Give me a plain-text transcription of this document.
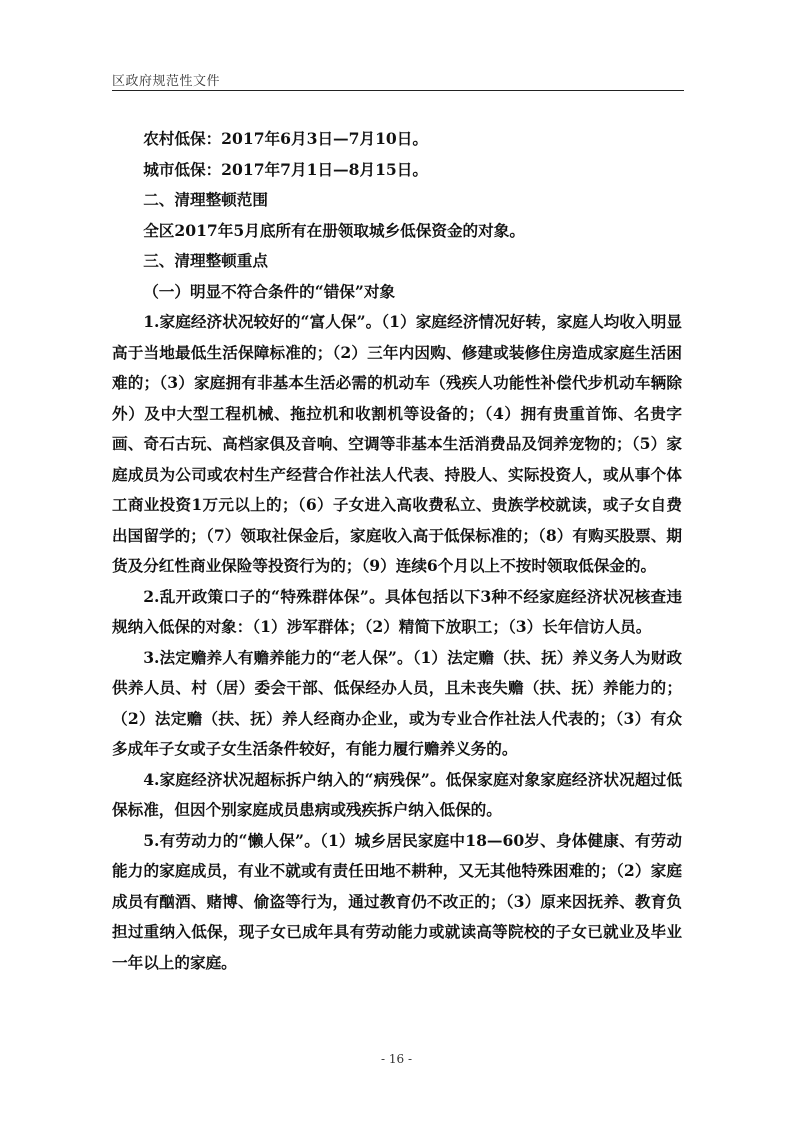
区政府规范性文件

农村低保：2017年6月3日—7月10日。

城市低保：2017年7月1日—8月15日。

二、清理整顿范围

全区2017年5月底所有在册领取城乡低保资金的对象。

三、清理整顿重点

（一）明显不符合条件的“错保”对象

1.家庭经济状况较好的“富人保”。（1）家庭经济情况好转，家庭人均收入明显高于当地最低生活保障标准的；（2）三年内因购、修建或装修住房造成家庭生活困难的；（3）家庭拥有非基本生活必需的机动车（残疾人功能性补偿代步机动车辆除外）及中大型工程机械、拖拉机和收割机等设备的；（4）拥有贵重首饰、名贵字画、奇石古玩、高档家俱及音响、空调等非基本生活消费品及饲养宠物的；（5）家庭成员为公司或农村生产经营合作社法人代表、持股人、实际投资人，或从事个体工商业投资1万元以上的；（6）子女进入高收费私立、贵族学校就读，或子女自费出国留学的；（7）领取社保金后，家庭收入高于低保标准的；（8）有购买股票、期货及分红性商业保险等投资行为的；（9）连续6个月以上不按时领取低保金的。

2.乱开政策口子的“特殊群体保”。具体包括以下3种不经家庭经济状况核查违规纳入低保的对象：（1）涉军群体；（2）精简下放职工；（3）长年信访人员。

3.法定赡养人有赡养能力的“老人保”。（1）法定赡（扶、抚）养义务人为财政供养人员、村（居）委会干部、低保经办人员，且未丧失赡（扶、抚）养能力的；（2）法定赡（扶、抚）养人经商办企业，或为专业合作社法人代表的；（3）有众多成年子女或子女生活条件较好，有能力履行赡养义务的。

4.家庭经济状况超标拆户纳入的“病残保”。低保家庭对象家庭经济状况超过低保标准，但因个别家庭成员患病或残疾拆户纳入低保的。

5.有劳动力的“懒人保”。（1）城乡居民家庭中18—60岁、身体健康、有劳动能力的家庭成员，有业不就或有责任田地不耕种，又无其他特殊困难的；（2）家庭成员有酗酒、赌博、偷盗等行为，通过教育仍不改正的；（3）原来因抚养、教育负担过重纳入低保，现子女已成年具有劳动能力或就读高等院校的子女已就业及毕业一年以上的家庭。

- 16 -
